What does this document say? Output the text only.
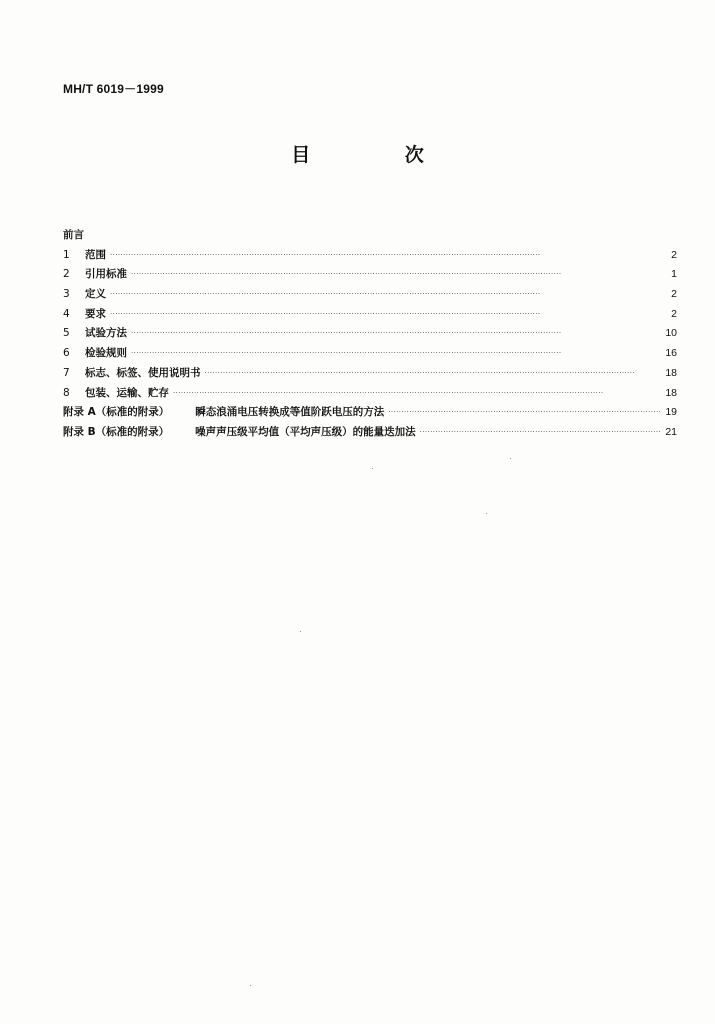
MH/T 6019－1999
目 次
前言
1	范围 ·····	2
2	引用标准 ·····	1
3	定义 ·····	2
4	要求 ·····	2
5	试验方法 ·····	10
6	检验规则 ·····	16
7	标志、标签、使用说明书 ·····	18
8	包装、运输、贮存 ·····	18
附录 A（标准的附录） 瞬态浪涌电压转换成等值阶跃电压的方法 ·····	19
附录 B（标准的附录） 噪声声压级平均值（平均声压级）的能量迭加法 ·····	21
